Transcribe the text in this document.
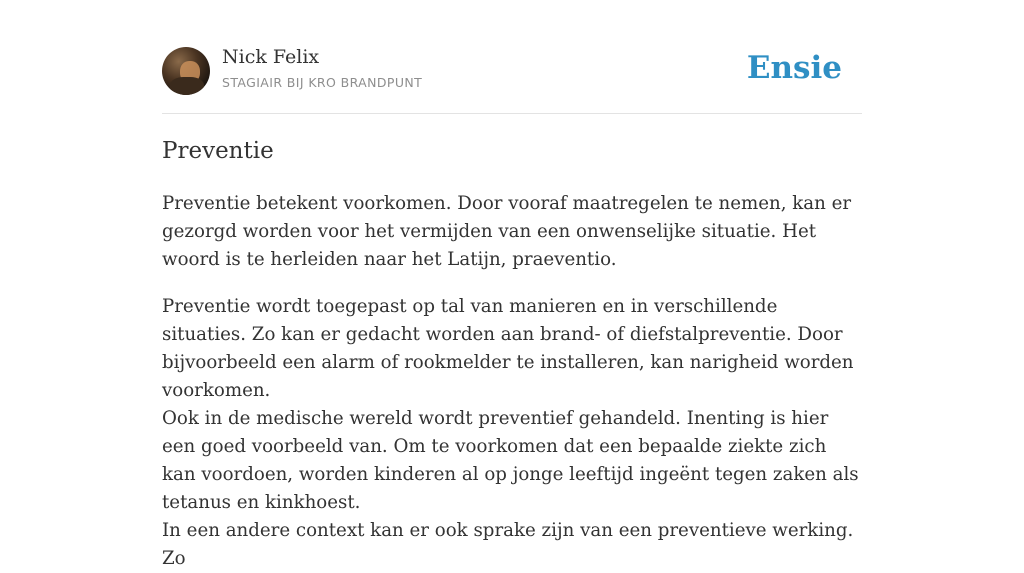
Nick Felix
STAGIAIR BIJ KRO BRANDPUNT	Ensie
Preventie

Preventie betekent voorkomen. Door vooraf maatregelen te nemen, kan er gezorgd worden voor het vermijden van een onwenselijke situatie. Het woord is te herleiden naar het Latijn, praeventio.

Preventie wordt toegepast op tal van manieren en in verschillende situaties. Zo kan er gedacht worden aan brand- of diefstalpreventie. Door bijvoorbeeld een alarm of rookmelder te installeren, kan narigheid worden voorkomen.

Ook in de medische wereld wordt preventief gehandeld. Inenting is hier een goed voorbeeld van. Om te voorkomen dat een bepaalde ziekte zich kan voordoen, worden kinderen al op jonge leeftijd ingeënt tegen zaken als tetanus en kinkhoest.

In een andere context kan er ook sprake zijn van een preventieve werking. Zo
